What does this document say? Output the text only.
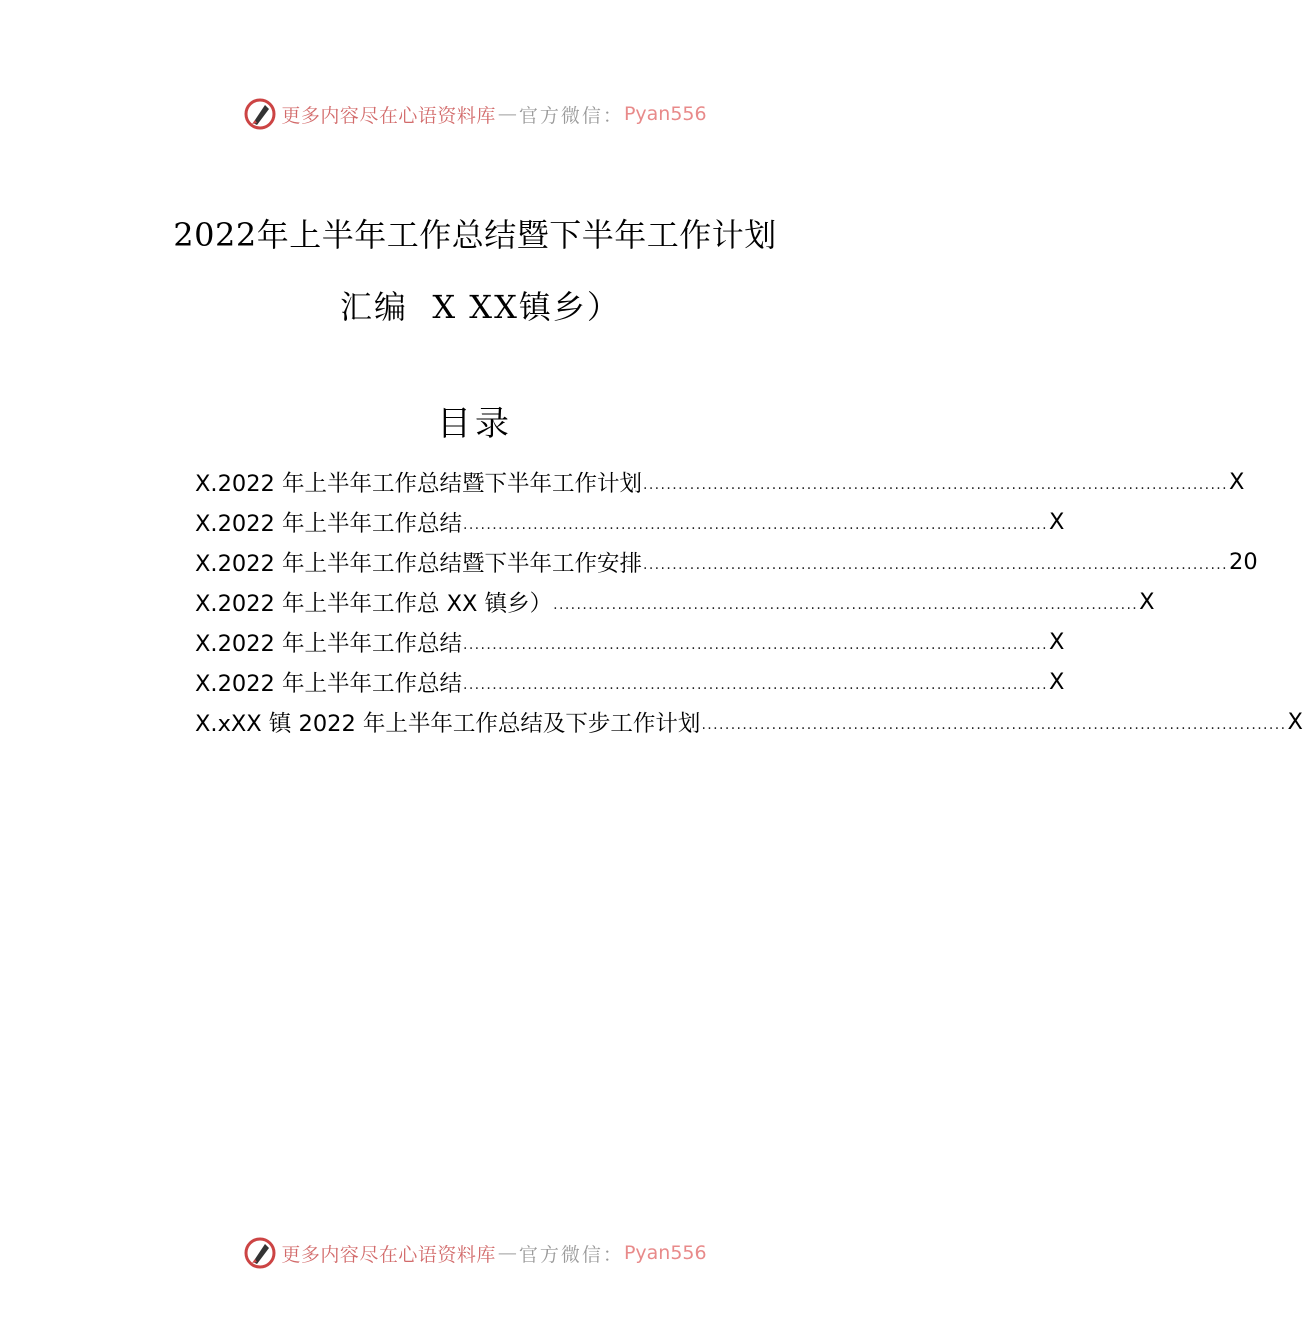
更多内容尽在心语资料库 — 官方微信： Pyan556
2022年上半年工作总结暨下半年工作计划
汇编  X XX镇乡）
目录
X.2022 年上半年工作总结暨下半年工作计划 .................................................................................................... X
X.2022 年上半年工作总结 .................................................................................................... X
X.2022 年上半年工作总结暨下半年工作安排 .................................................................................................... 20
X.2022 年上半年工作总 XX 镇乡） .................................................................................................... X
X.2022 年上半年工作总结 .................................................................................................... X
X.2022 年上半年工作总结 .................................................................................................... X
X.xXX 镇 2022 年上半年工作总结及下步工作计划 .................................................................................................... X
更多内容尽在心语资料库 — 官方微信： Pyan556
